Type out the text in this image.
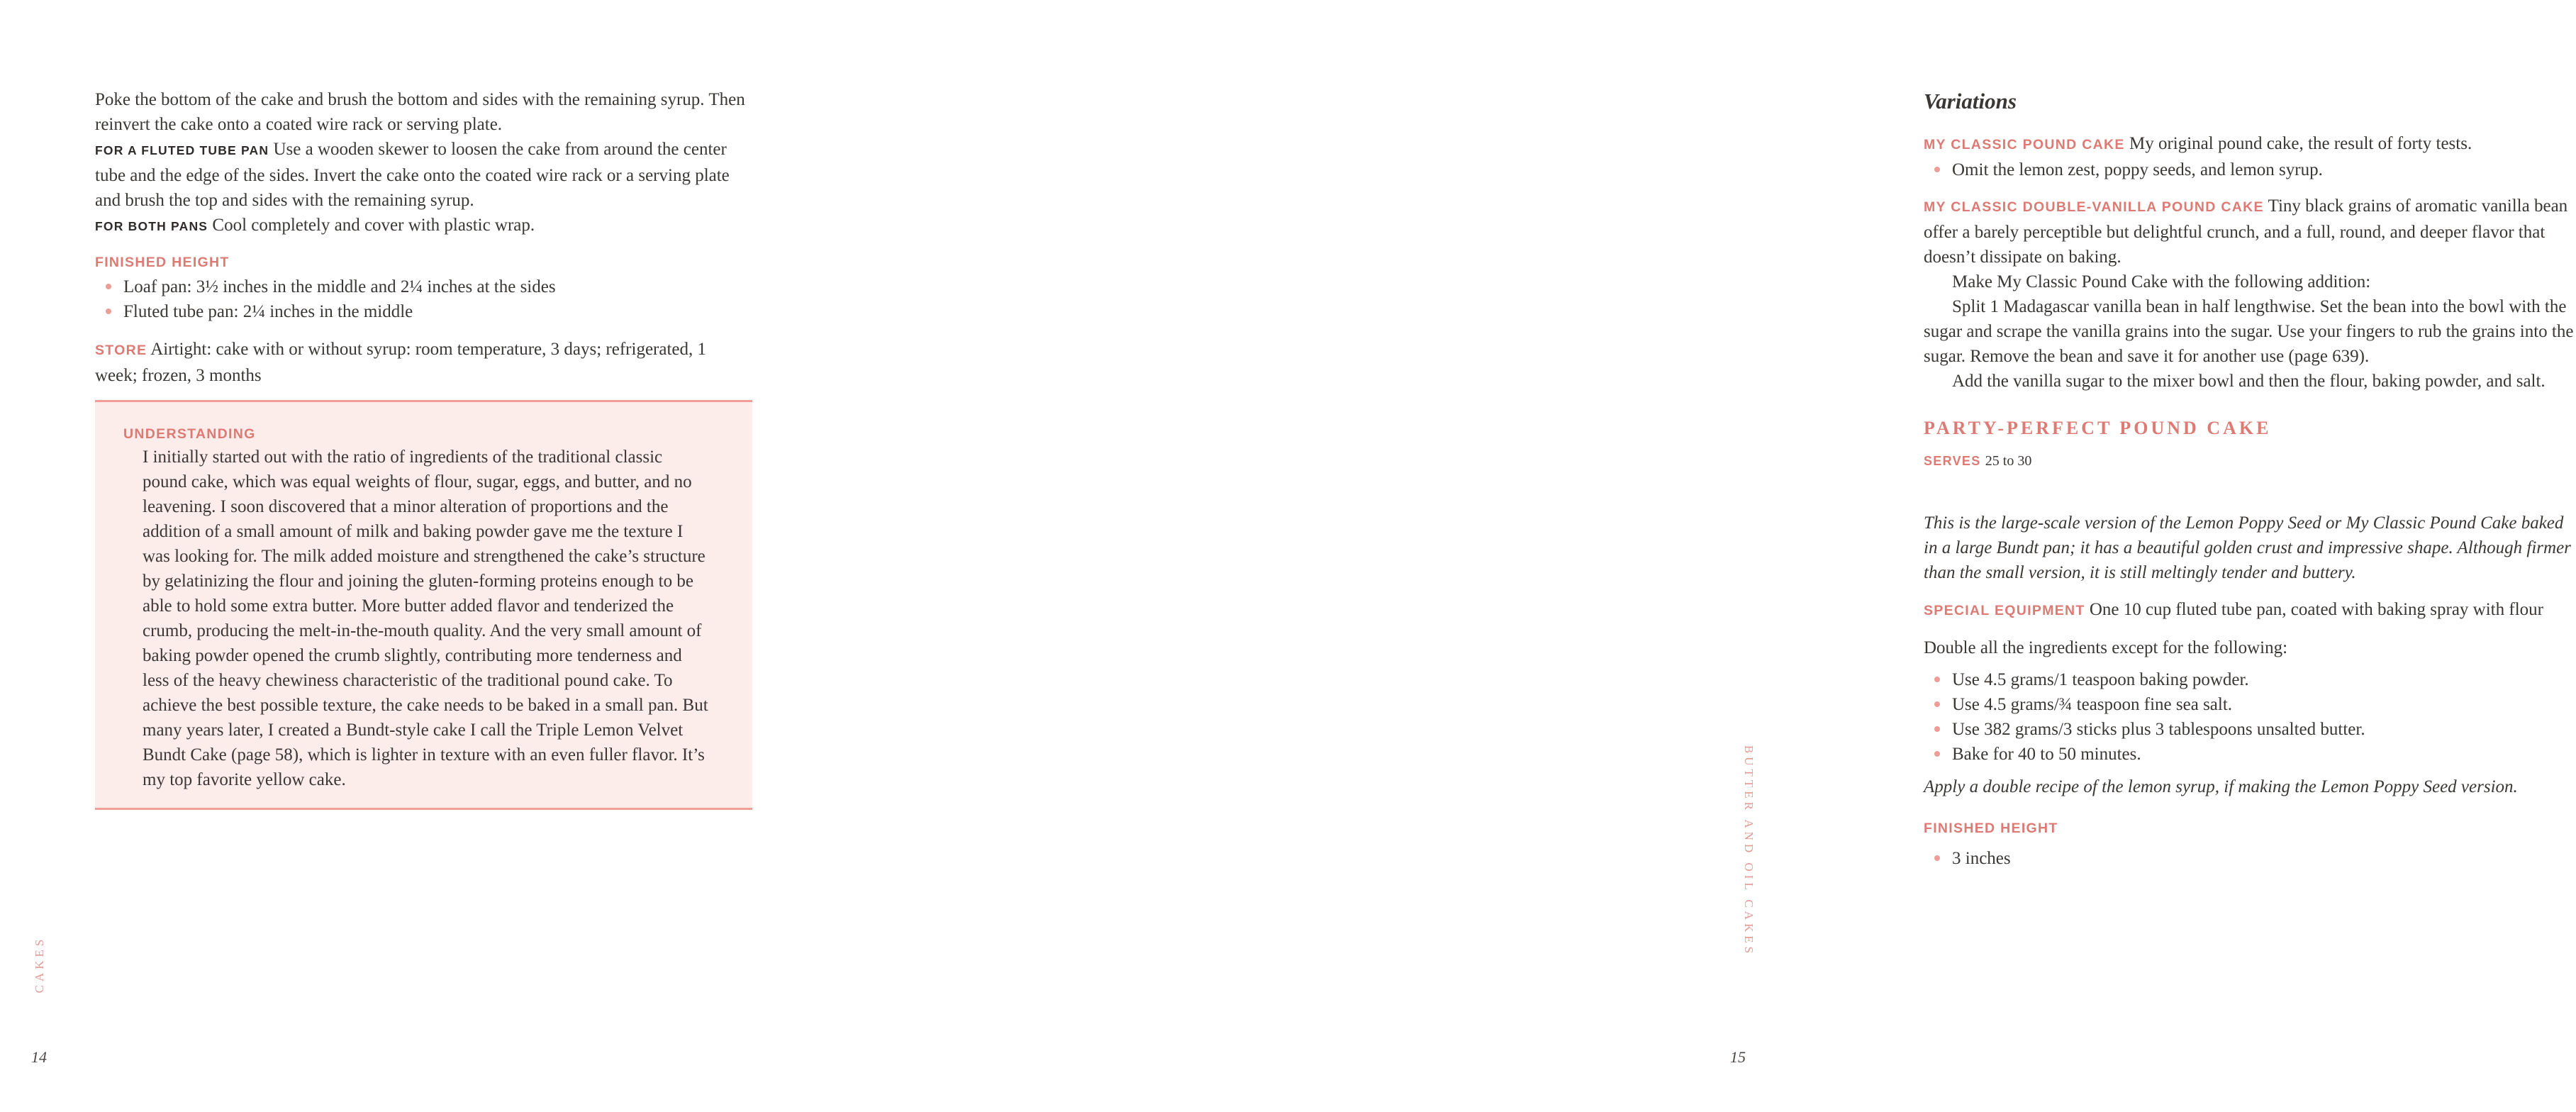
Poke the bottom of the cake and brush the bottom and sides with the remaining syrup. Then reinvert the cake onto a coated wire rack or serving plate.

FOR A FLUTED TUBE PAN Use a wooden skewer to loosen the cake from around the center tube and the edge of the sides. Invert the cake onto the coated wire rack or a serving plate and brush the top and sides with the remaining syrup.

FOR BOTH PANS Cool completely and cover with plastic wrap.

FINISHED HEIGHT
Loaf pan: 3½ inches in the middle and 2¼ inches at the sides
Fluted tube pan: 2¼ inches in the middle

STORE Airtight: cake with or without syrup: room temperature, 3 days; refrigerated, 1 week; frozen, 3 months

UNDERSTANDING

I initially started out with the ratio of ingredients of the traditional classic pound cake, which was equal weights of flour, sugar, eggs, and butter, and no leavening. I soon discovered that a minor alteration of proportions and the addition of a small amount of milk and baking powder gave me the texture I was looking for. The milk added moisture and strengthened the cake’s structure by gelatinizing the flour and joining the gluten-forming proteins enough to be able to hold some extra butter. More butter added flavor and tenderized the crumb, producing the melt-in-the-mouth quality. And the very small amount of baking powder opened the crumb slightly, contributing more tenderness and less of the heavy chewiness characteristic of the traditional pound cake. To achieve the best possible texture, the cake needs to be baked in a small pan. But many years later, I created a Bundt-style cake I call the Triple Lemon Velvet Bundt Cake (page 58), which is lighter in texture with an even fuller flavor. It’s my top favorite yellow cake.

CAKES
14
Variations

MY CLASSIC POUND CAKE My original pound cake, the result of forty tests.

Omit the lemon zest, poppy seeds, and lemon syrup.

MY CLASSIC DOUBLE-VANILLA POUND CAKE Tiny black grains of aromatic vanilla bean offer a barely perceptible but delightful crunch, and a full, round, and deeper flavor that doesn’t dissipate on baking.

Make My Classic Pound Cake with the following addition:

Split 1 Madagascar vanilla bean in half lengthwise. Set the bean into the bowl with the sugar and scrape the vanilla grains into the sugar. Use your fingers to rub the grains into the sugar. Remove the bean and save it for another use (page 639).

Add the vanilla sugar to the mixer bowl and then the flour, baking powder, and salt.

PARTY-PERFECT POUND CAKE

SERVES 25 to 30

This is the large-scale version of the Lemon Poppy Seed or My Classic Pound Cake baked in a large Bundt pan; it has a beautiful golden crust and impressive shape. Although firmer than the small version, it is still meltingly tender and buttery.

SPECIAL EQUIPMENT One 10 cup fluted tube pan, coated with baking spray with flour

Double all the ingredients except for the following:

Use 4.5 grams/1 teaspoon baking powder.
Use 4.5 grams/¾ teaspoon fine sea salt.
Use 382 grams/3 sticks plus 3 tablespoons unsalted butter.
Bake for 40 to 50 minutes.

Apply a double recipe of the lemon syrup, if making the Lemon Poppy Seed version.

FINISHED HEIGHT
3 inches
BUTTER AND OIL CAKES
15
